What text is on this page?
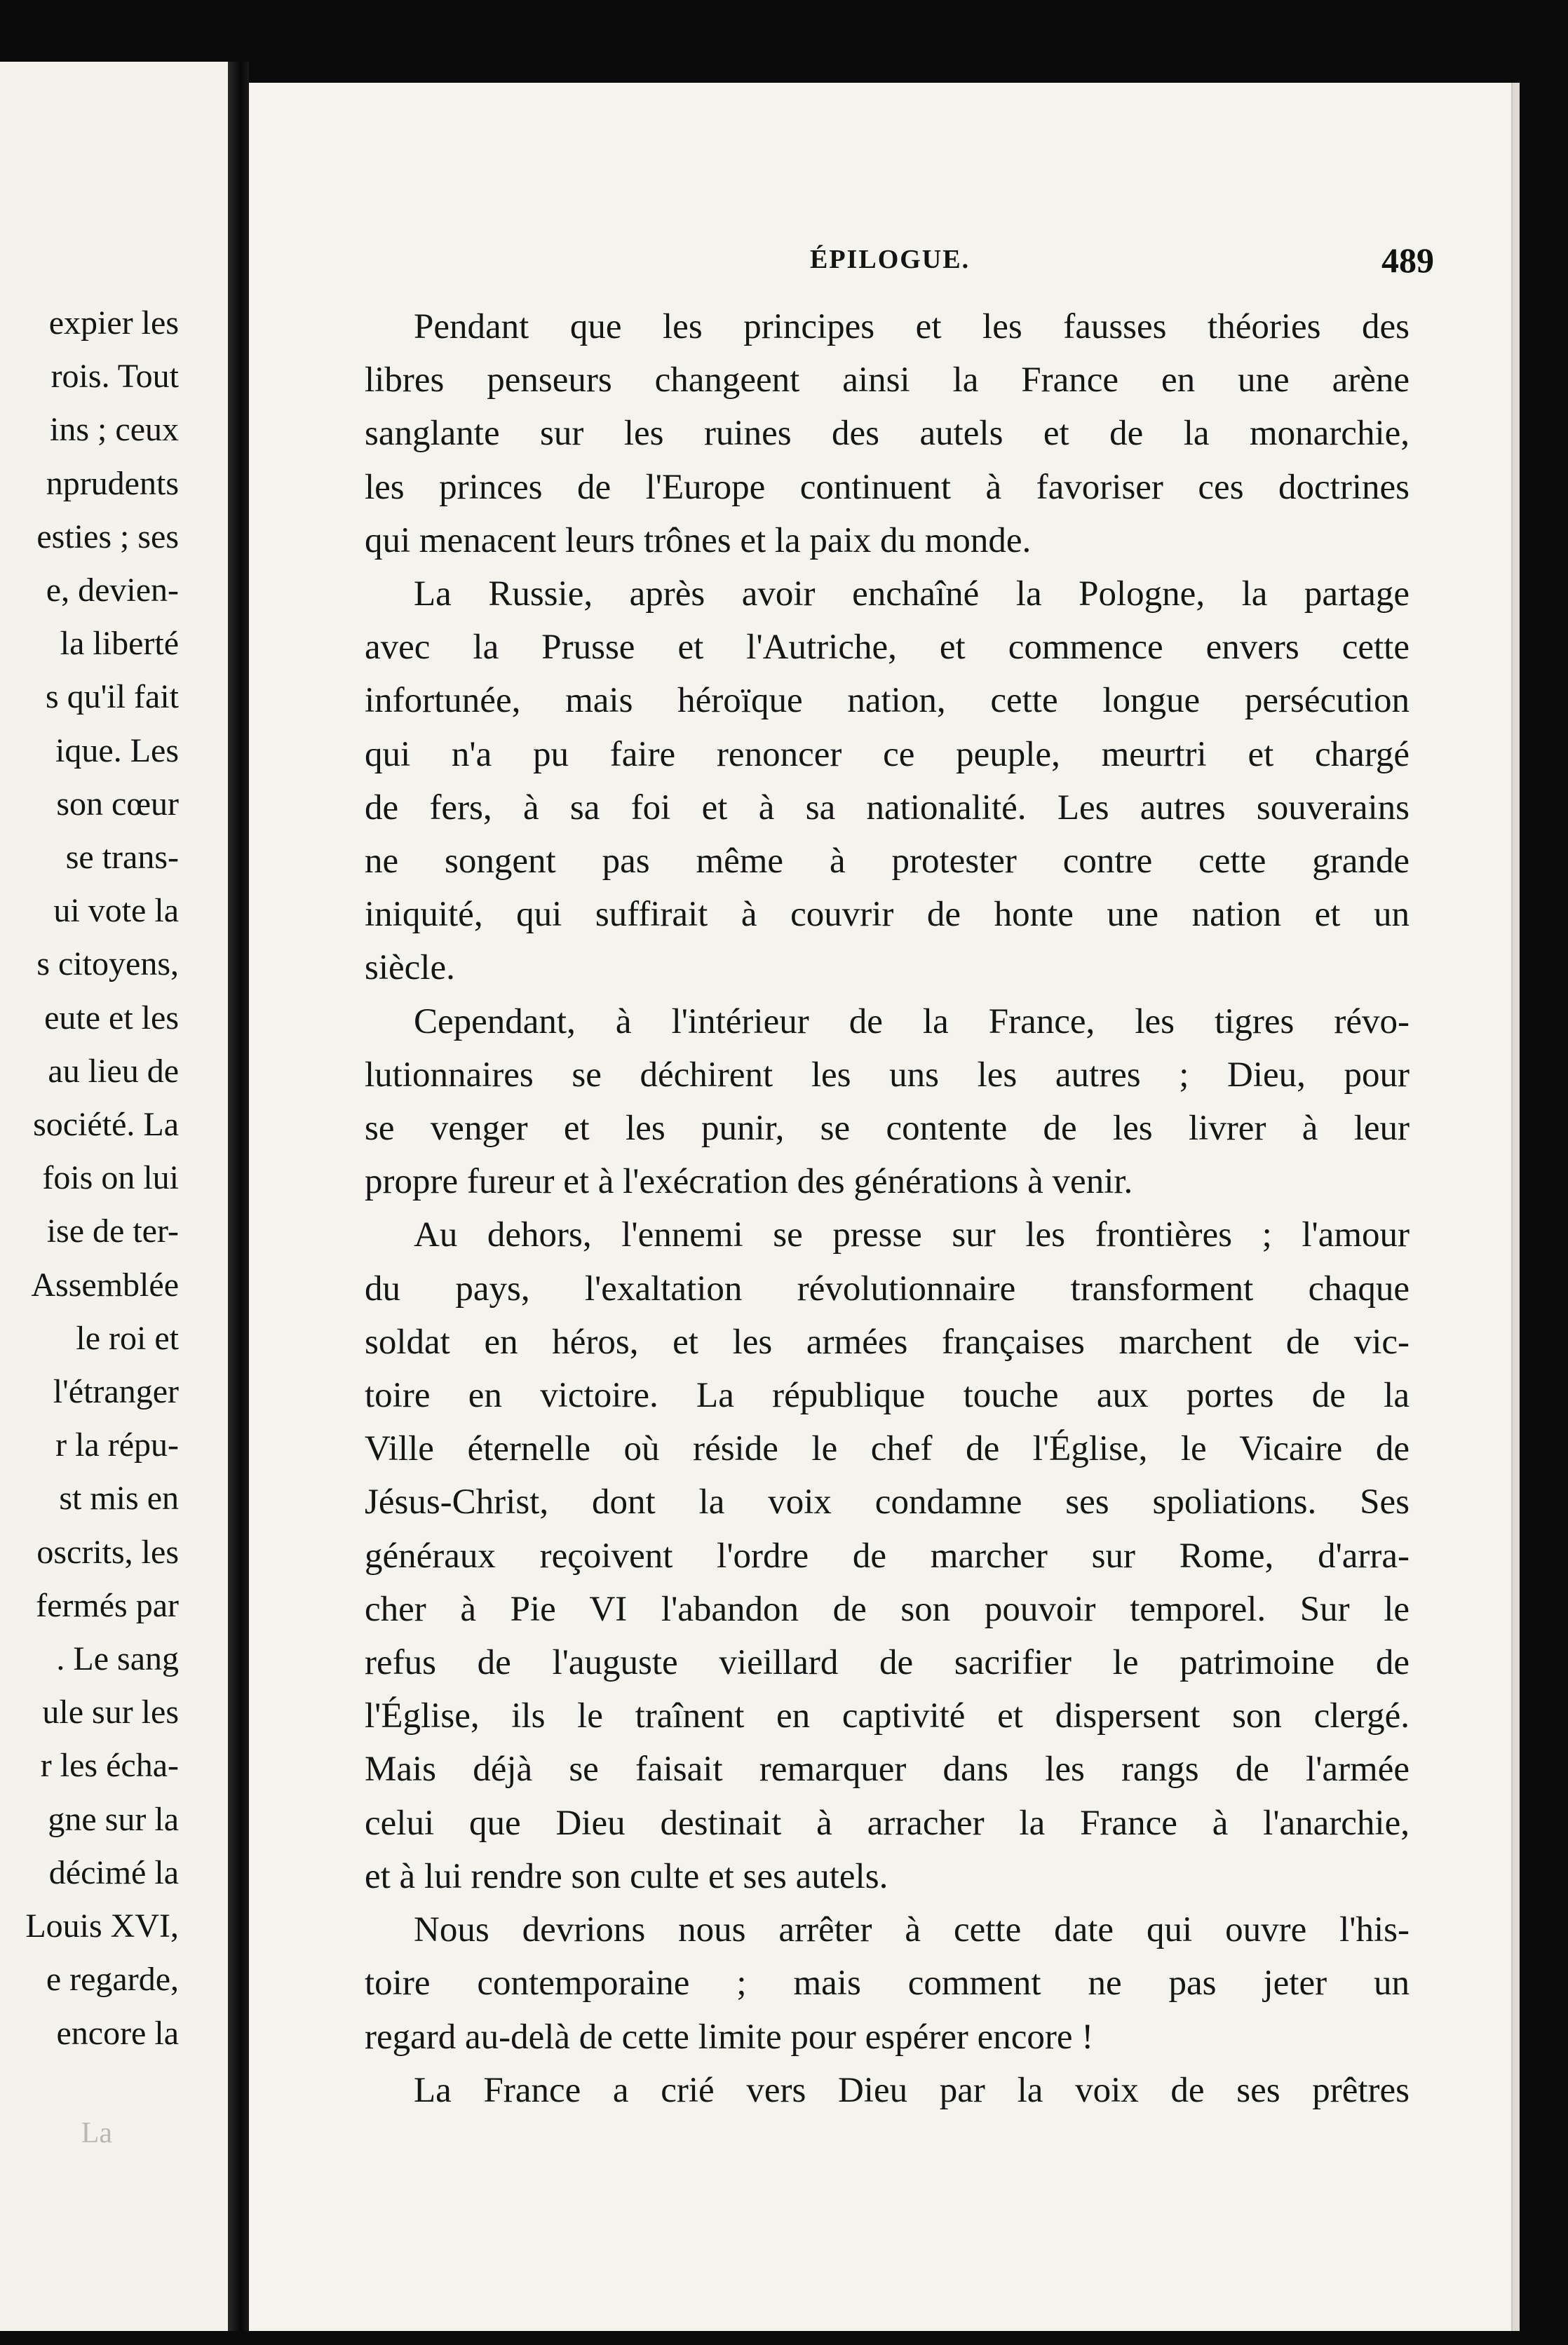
expier les
rois. Tout
ins ; ceux
nprudents
esties ; ses
e, devien-
la liberté
s qu'il fait
ique. Les
son cœur
se trans-
ui vote la
s citoyens,
eute et les
au lieu de
société. La
fois on lui
ise de ter-
Assemblée
le roi et
l'étranger
r la répu-
st mis en
oscrits, les
fermés par
. Le sang
ule sur les
r les écha-
gne sur la
décimé la
Louis XVI,
e regarde,
encore la
La
ÉPILOGUE.	489
Pendant que les principes et les fausses théories des
libres penseurs changeent ainsi la France en une arène
sanglante sur les ruines des autels et de la monarchie,
les princes de l'Europe continuent à favoriser ces doctrines
qui menacent leurs trônes et la paix du monde.
La Russie, après avoir enchaîné la Pologne, la partage
avec la Prusse et l'Autriche, et commence envers cette
infortunée, mais héroïque nation, cette longue persécution
qui n'a pu faire renoncer ce peuple, meurtri et chargé
de fers, à sa foi et à sa nationalité. Les autres souverains
ne songent pas même à protester contre cette grande
iniquité, qui suffirait à couvrir de honte une nation et un
siècle.
Cependant, à l'intérieur de la France, les tigres révo-
lutionnaires se déchirent les uns les autres ; Dieu, pour
se venger et les punir, se contente de les livrer à leur
propre fureur et à l'exécration des générations à venir.
Au dehors, l'ennemi se presse sur les frontières ; l'amour
du pays, l'exaltation révolutionnaire transforment chaque
soldat en héros, et les armées françaises marchent de vic-
toire en victoire. La république touche aux portes de la
Ville éternelle où réside le chef de l'Église, le Vicaire de
Jésus-Christ, dont la voix condamne ses spoliations. Ses
généraux reçoivent l'ordre de marcher sur Rome, d'arra-
cher à Pie VI l'abandon de son pouvoir temporel. Sur le
refus de l'auguste vieillard de sacrifier le patrimoine de
l'Église, ils le traînent en captivité et dispersent son clergé.
Mais déjà se faisait remarquer dans les rangs de l'armée
celui que Dieu destinait à arracher la France à l'anarchie,
et à lui rendre son culte et ses autels.
Nous devrions nous arrêter à cette date qui ouvre l'his-
toire contemporaine ; mais comment ne pas jeter un
regard au-delà de cette limite pour espérer encore !
La France a crié vers Dieu par la voix de ses prêtres
